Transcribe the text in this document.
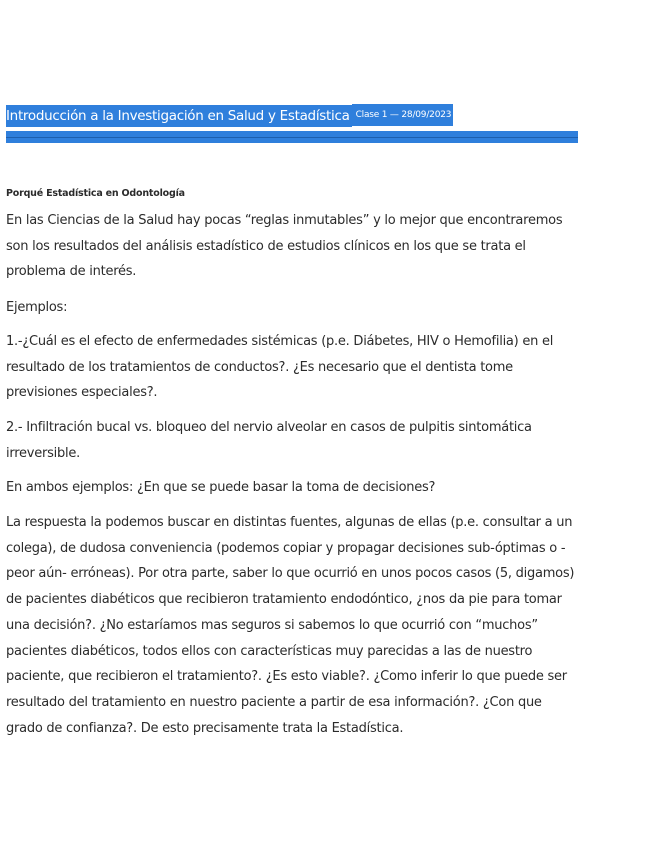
Introducción a la Investigación en Salud y Estadística Clase 1 — 28/09/2023
Porqué Estadística en Odontología
En las Ciencias de la Salud hay pocas “reglas inmutables” y lo mejor que encontraremos son los resultados del análisis estadístico de estudios clínicos en los que se trata el problema de interés.
Ejemplos:
1.-¿Cuál es el efecto de enfermedades sistémicas (p.e. Diábetes, HIV o Hemofilia) en el resultado de los tratamientos de conductos?. ¿Es necesario que el dentista tome previsiones especiales?.
2.- Infiltración bucal vs. bloqueo del nervio alveolar en casos de pulpitis sintomática irreversible.
En ambos ejemplos: ¿En que se puede basar la toma de decisiones?
La respuesta la podemos buscar en distintas fuentes, algunas de ellas (p.e. consultar a un colega), de dudosa conveniencia (podemos copiar y propagar decisiones sub-óptimas o -peor aún- erróneas). Por otra parte, saber lo que ocurrió en unos pocos casos (5, digamos) de pacientes diabéticos que recibieron tratamiento endodóntico, ¿nos da pie para tomar una decisión?. ¿No estaríamos mas seguros si sabemos lo que ocurrió con “muchos” pacientes diabéticos, todos ellos con características muy parecidas a las de nuestro paciente, que recibieron el tratamiento?. ¿Es esto viable?. ¿Como inferir lo que puede ser resultado del tratamiento en nuestro paciente a partir de esa información?. ¿Con que grado de confianza?. De esto precisamente trata la Estadística.
